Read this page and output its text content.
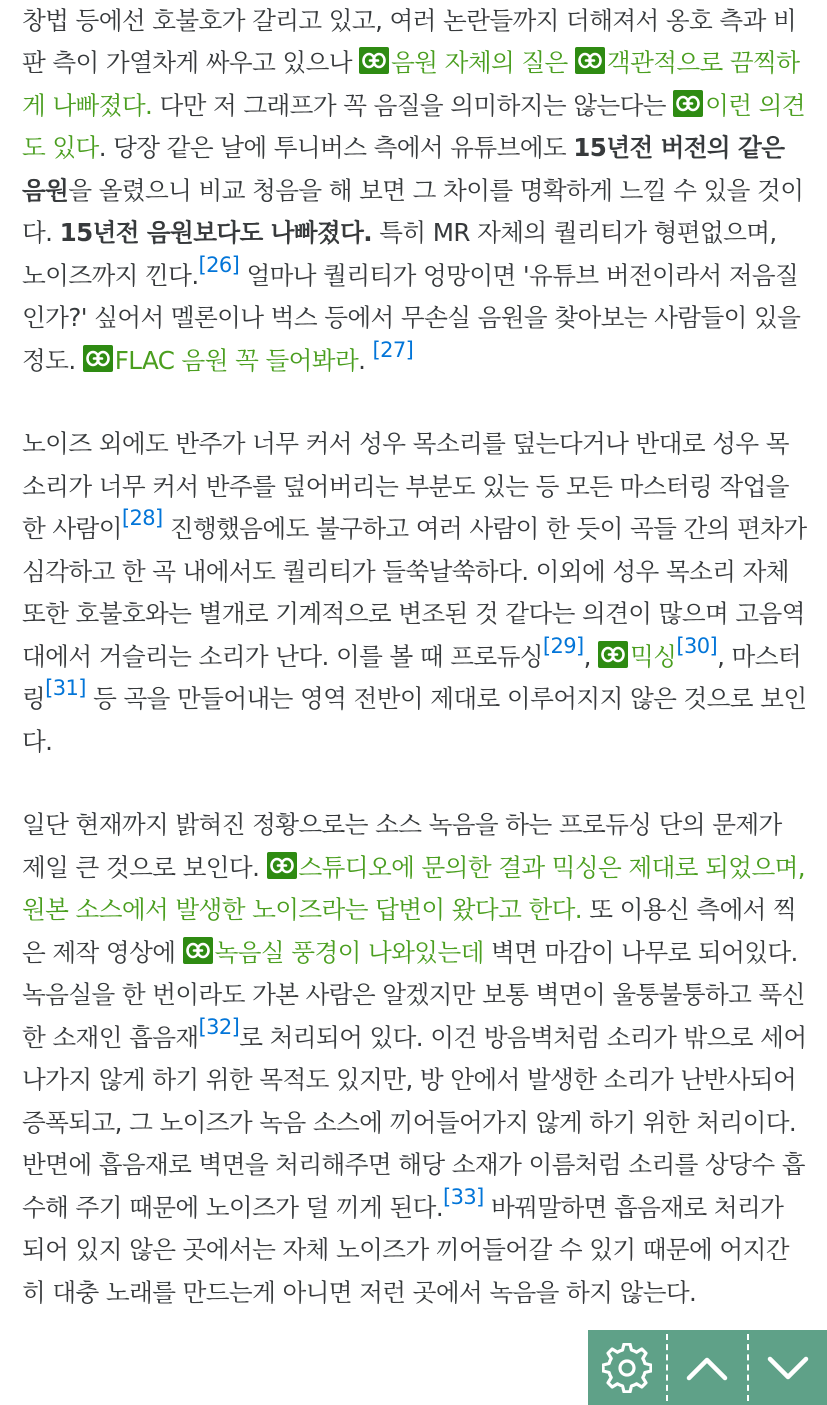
창법 등에선 호불호가 갈리고 있고, 여러 논란들까지 더해져서 옹호 측과 비판 측이 가열차게 싸우고 있으나
음원 자체의 질은 객관적으로 끔찍하게 나빠졌다. 다만 저 그래프가 꼭 음질을 의미하지는 않는다는
이런 의견도 있다. 당장 같은 날에 투니버스 측에서 유튜브에도 15년전 버전의 같은 음원을 올렸으니 비교 청음을 해 보면 그 차이를 명확하게 느낄 수 있을 것이다. 15년전 음원보다도 나빠졌다. 특히 MR 자체의 퀄리티가 형편없으며, 노이즈까지 낀다.[26] 얼마나 퀄리티가 엉망이면 '유튜브 버전이라서 저음질인가?' 싶어서 멜론이나 벅스 등에서 무손실 음원을 찾아보는 사람들이 있을 정도.
FLAC 음원 꼭 들어봐라. [27]

노이즈 외에도 반주가 너무 커서 성우 목소리를 덮는다거나 반대로 성우 목소리가 너무 커서 반주를 덮어버리는 부분도 있는 등 모든 마스터링 작업을 한 사람이[28] 진행했음에도 불구하고 여러 사람이 한 듯이 곡들 간의 편차가 심각하고 한 곡 내에서도 퀄리티가 들쑥날쑥하다. 이외에 성우 목소리 자체 또한 호불호와는 별개로 기계적으로 변조된 것 같다는 의견이 많으며 고음역대에서 거슬리는 소리가 난다. 이를 볼 때 프로듀싱[29],
믹싱[30], 마스터링[31] 등 곡을 만들어내는 영역 전반이 제대로 이루어지지 않은 것으로 보인다.

일단 현재까지 밝혀진 정황으로는 소스 녹음을 하는 프로듀싱 단의 문제가 제일 큰 것으로 보인다.
스튜디오에 문의한 결과 믹싱은 제대로 되었으며, 원본 소스에서 발생한 노이즈라는 답변이 왔다고 한다. 또 이용신 측에서 찍은 제작 영상에
녹음실 풍경이 나와있는데 벽면 마감이 나무로 되어있다. 녹음실을 한 번이라도 가본 사람은 알겠지만 보통 벽면이 울퉁불퉁하고 푹신한 소재인 흡음재[32]로 처리되어 있다. 이건 방음벽처럼 소리가 밖으로 세어나가지 않게 하기 위한 목적도 있지만, 방 안에서 발생한 소리가 난반사되어 증폭되고, 그 노이즈가 녹음 소스에 끼어들어가지 않게 하기 위한 처리이다. 반면에 흡음재로 벽면을 처리해주면 해당 소재가 이름처럼 소리를 상당수 흡수해 주기 때문에 노이즈가 덜 끼게 된다.[33] 바꿔말하면 흡음재로 처리가 되어 있지 않은 곳에서는 자체 노이즈가 끼어들어갈 수 있기 때문에 어지간히 대충 노래를 만드는게 아니면 저런 곳에서 녹음을 하지 않는다.
